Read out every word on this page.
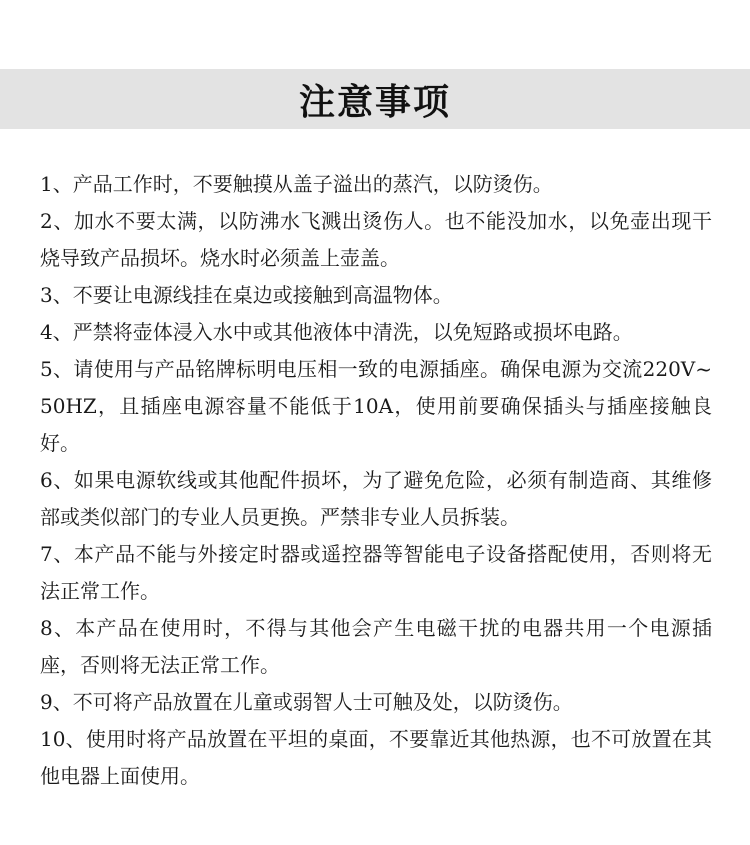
注意事项
1、产品工作时，不要触摸从盖子溢出的蒸汽，以防烫伤。
2、加水不要太满，以防沸水飞溅出烫伤人。也不能没加水，以免壶出现干烧导致产品损坏。烧水时必须盖上壶盖。
3、不要让电源线挂在桌边或接触到高温物体。
4、严禁将壶体浸入水中或其他液体中清洗，以免短路或损坏电路。
5、请使用与产品铭牌标明电压相一致的电源插座。确保电源为交流220V~50HZ，且插座电源容量不能低于10A，使用前要确保插头与插座接触良好。
6、如果电源软线或其他配件损坏，为了避免危险，必须有制造商、其维修部或类似部门的专业人员更换。严禁非专业人员拆装。
7、本产品不能与外接定时器或遥控器等智能电子设备搭配使用，否则将无法正常工作。
8、本产品在使用时，不得与其他会产生电磁干扰的电器共用一个电源插座，否则将无法正常工作。
9、不可将产品放置在儿童或弱智人士可触及处，以防烫伤。
10、使用时将产品放置在平坦的桌面，不要靠近其他热源，也不可放置在其他电器上面使用。
